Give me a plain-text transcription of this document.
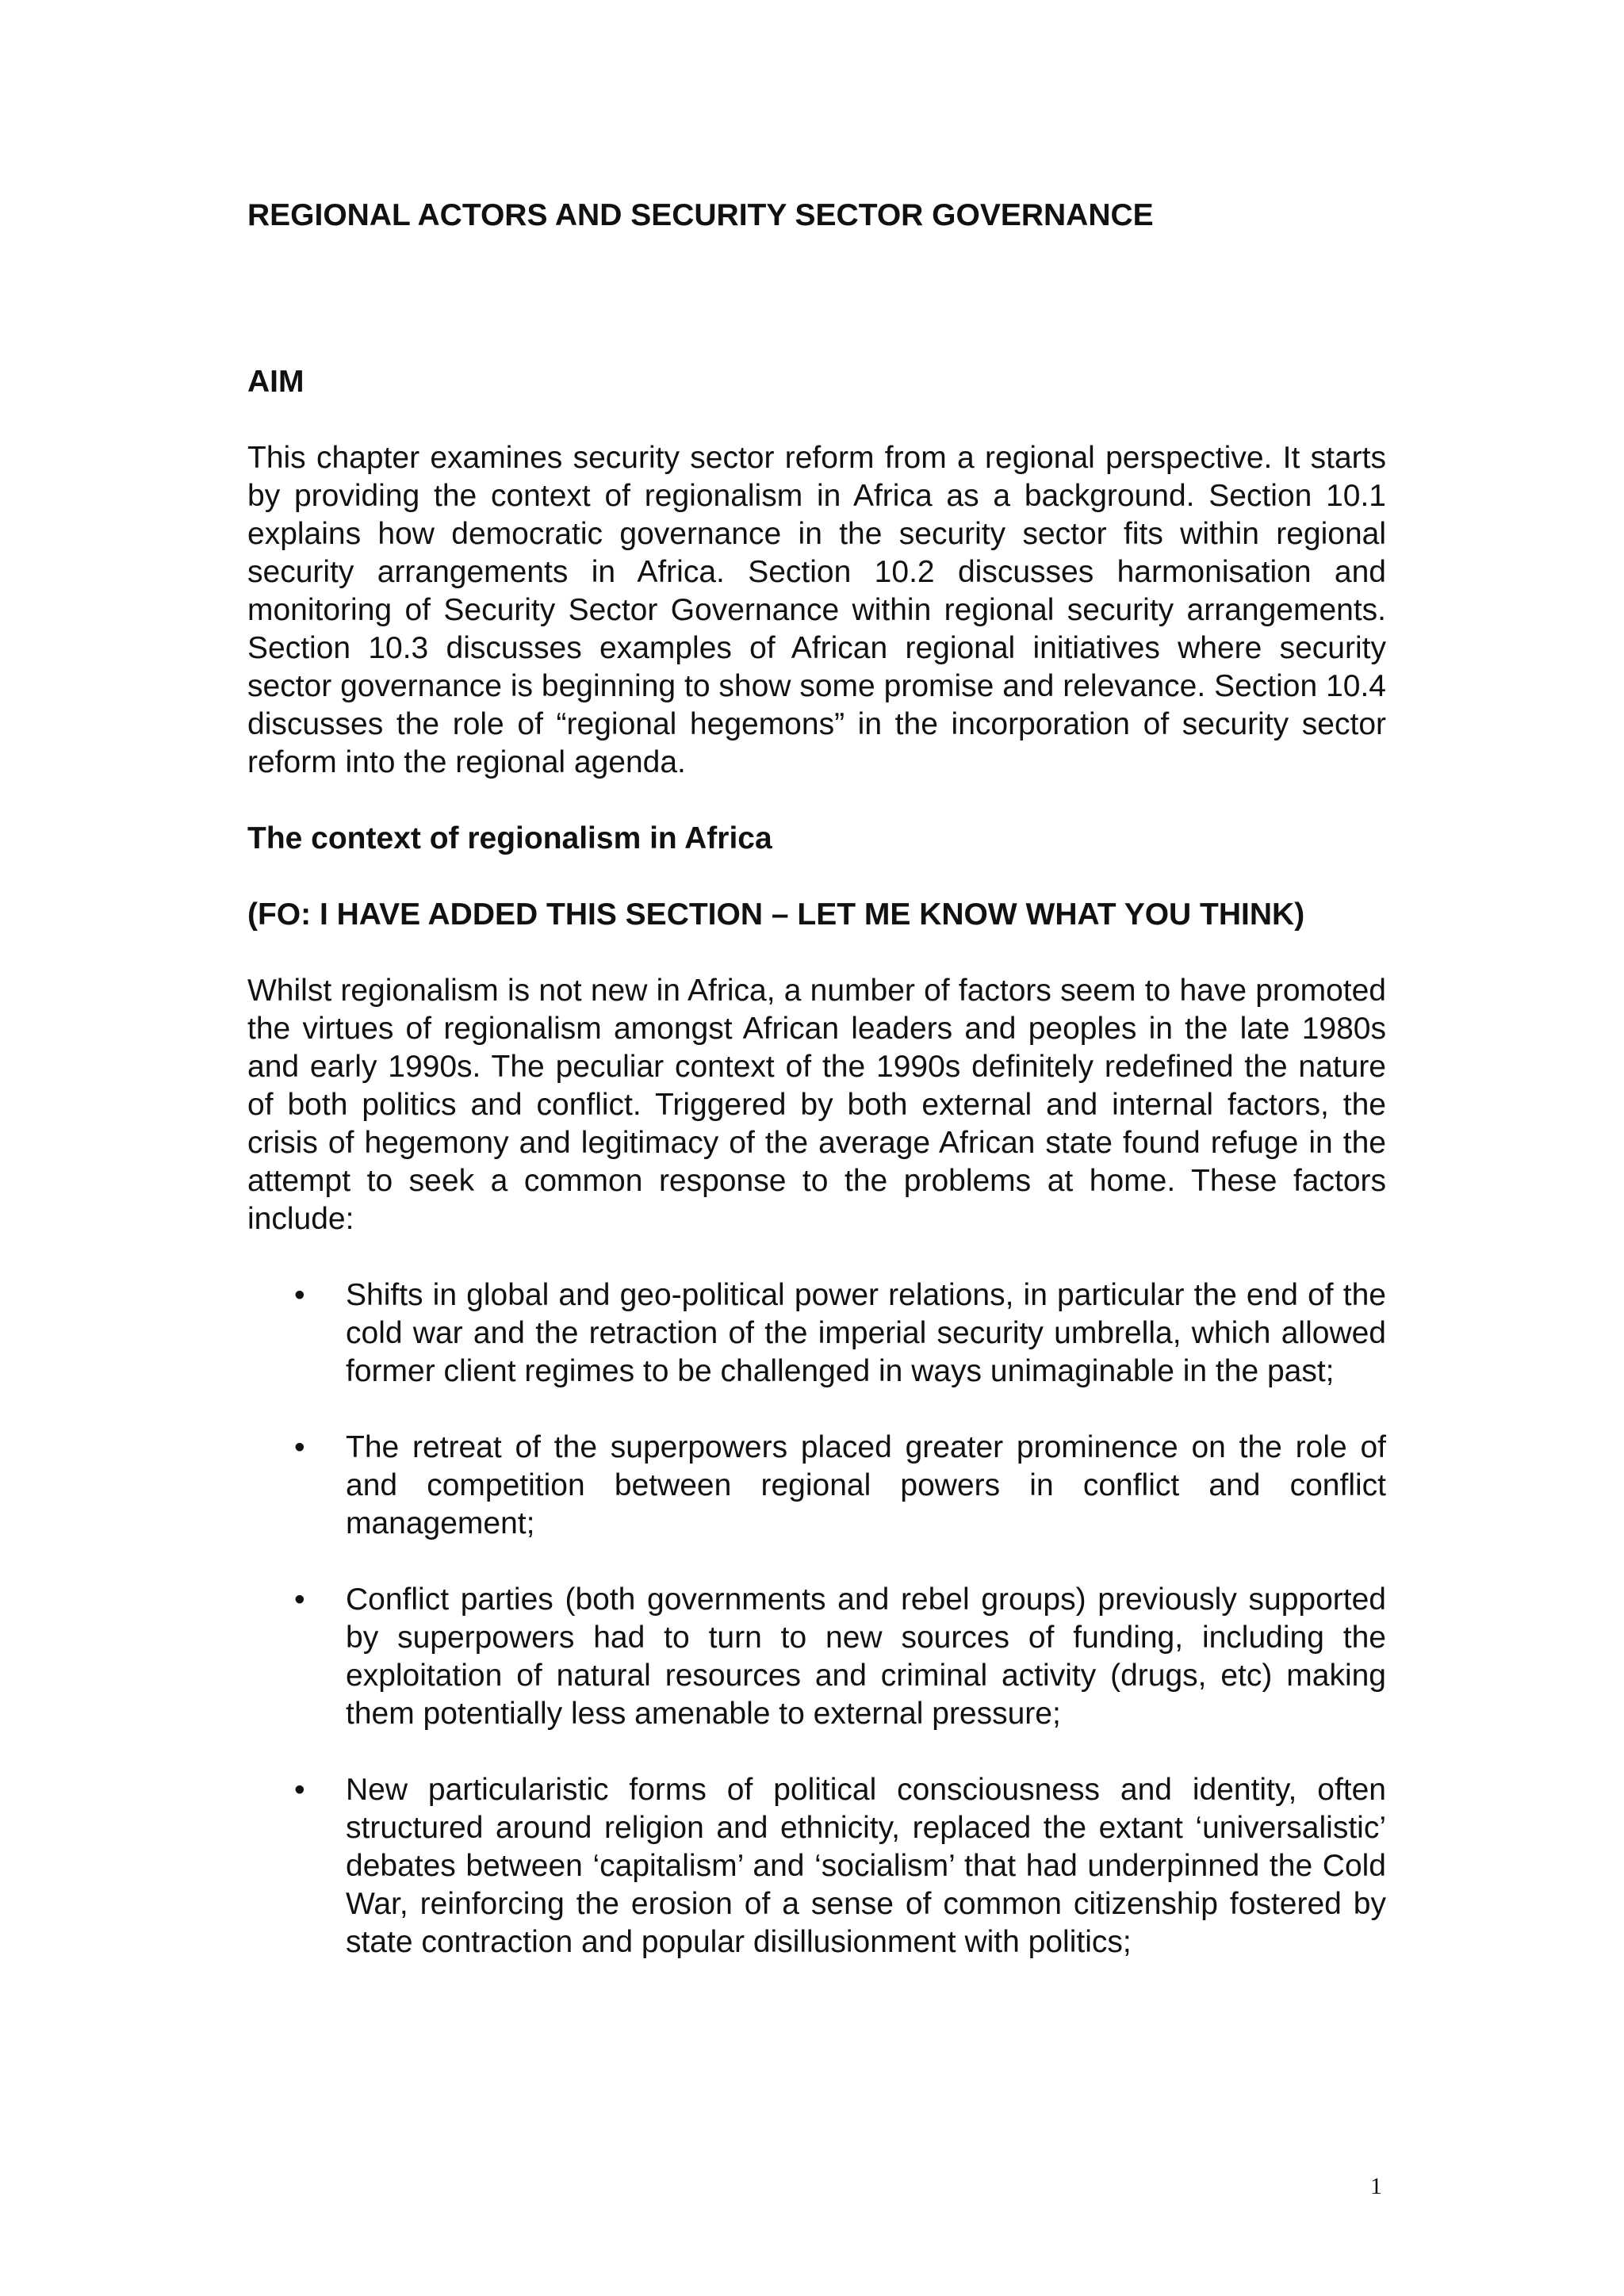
REGIONAL ACTORS AND SECURITY SECTOR GOVERNANCE
AIM

This chapter examines security sector reform from a regional perspective. It starts by providing the context of regionalism in Africa as a background. Section 10.1 explains how democratic governance in the security sector fits within regional security arrangements in Africa. Section 10.2 discusses harmonisation and monitoring of Security Sector Governance within regional security arrangements. Section 10.3 discusses examples of African regional initiatives where security sector governance is beginning to show some promise and relevance. Section 10.4 discusses the role of “regional hegemons” in the incorporation of security sector reform into the regional agenda.

The context of regionalism in Africa
(FO: I HAVE ADDED THIS SECTION – LET ME KNOW WHAT YOU THINK)

Whilst regionalism is not new in Africa, a number of factors seem to have promoted the virtues of regionalism amongst African leaders and peoples in the late 1980s and early 1990s. The peculiar context of the 1990s definitely redefined the nature of both politics and conflict. Triggered by both external and internal factors, the crisis of hegemony and legitimacy of the average African state found refuge in the attempt to seek a common response to the problems at home. These factors include:

• Shifts in global and geo-political power relations, in particular the end of the cold war and the retraction of the imperial security umbrella, which allowed former client regimes to be challenged in ways unimaginable in the past;
• The retreat of the superpowers placed greater prominence on the role of and competition between regional powers in conflict and conflict management;
• Conflict parties (both governments and rebel groups) previously supported by superpowers had to turn to new sources of funding, including the exploitation of natural resources and criminal activity (drugs, etc) making them potentially less amenable to external pressure;
• New particularistic forms of political consciousness and identity, often structured around religion and ethnicity, replaced the extant ‘universalistic’ debates between ‘capitalism’ and ‘socialism’ that had underpinned the Cold War, reinforcing the erosion of a sense of common citizenship fostered by state contraction and popular disillusionment with politics;
1
